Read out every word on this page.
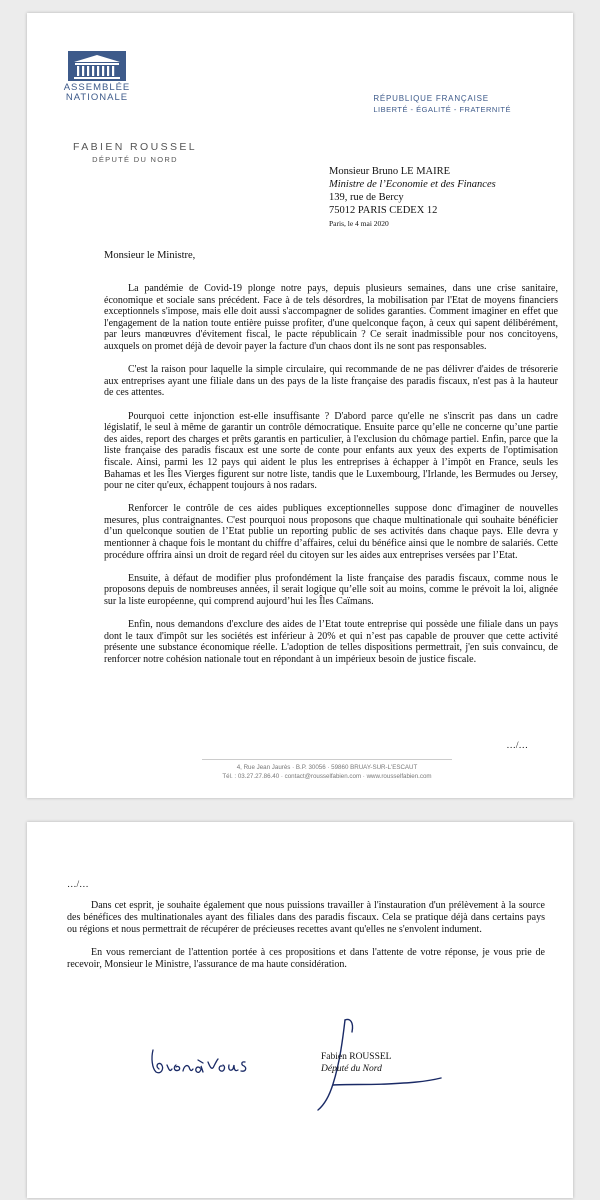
ASSEMBLÉE
NATIONALE	RÉPUBLIQUE FRANÇAISE
LIBERTÉ - ÉGALITÉ - FRATERNITÉ
FABIEN ROUSSEL
DÉPUTÉ DU NORD
Monsieur Bruno LE MAIRE
Ministre de l’Economie et des Finances
139, rue de Bercy
75012 PARIS CEDEX 12
Paris, le 4 mai 2020
Monsieur le Ministre,

La pandémie de Covid-19 plonge notre pays, depuis plusieurs semaines, dans une crise sanitaire, économique et sociale sans précédent. Face à de tels désordres, la mobilisation par l'Etat de moyens financiers exceptionnels s'impose, mais elle doit aussi s'accompagner de solides garanties. Comment imaginer en effet que l'engagement de la nation toute entière puisse profiter, d'une quelconque façon, à ceux qui sapent délibérément, par leurs manœuvres d'évitement fiscal, le pacte républicain ? Ce serait inadmissible pour nos concitoyens, auxquels on promet déjà de devoir payer la facture d'un chaos dont ils ne sont pas responsables.

C'est la raison pour laquelle la simple circulaire, qui recommande de ne pas délivrer d'aides de trésorerie aux entreprises ayant une filiale dans un des pays de la liste française des paradis fiscaux, n'est pas à la hauteur de ces attentes.

Pourquoi cette injonction est-elle insuffisante ? D'abord parce qu'elle ne s'inscrit pas dans un cadre législatif, le seul à même de garantir un contrôle démocratique. Ensuite parce qu’elle ne concerne qu’une partie des aides, report des charges et prêts garantis en particulier, à l'exclusion du chômage partiel. Enfin, parce que la liste française des paradis fiscaux est une sorte de conte pour enfants aux yeux des experts de l'optimisation fiscale. Ainsi, parmi les 12 pays qui aident le plus les entreprises à échapper à l’impôt en France, seuls les Bahamas et les Îles Vierges figurent sur notre liste, tandis que le Luxembourg, l'Irlande, les Bermudes ou Jersey, pour ne citer qu'eux, échappent toujours à nos radars.

Renforcer le contrôle de ces aides publiques exceptionnelles suppose donc d'imaginer de nouvelles mesures, plus contraignantes. C'est pourquoi nous proposons que chaque multinationale qui souhaite bénéficier d’un quelconque soutien de l’Etat publie un reporting public de ses activités dans chaque pays. Elle devra y mentionner à chaque fois le montant du chiffre d’affaires, celui du bénéfice ainsi que le nombre de salariés. Cette procédure offrira ainsi un droit de regard réel du citoyen sur les aides aux entreprises versées par l’Etat.

Ensuite, à défaut de modifier plus profondément la liste française des paradis fiscaux, comme nous le proposons depuis de nombreuses années, il serait logique qu’elle soit au moins, comme le prévoit la loi, alignée sur la liste européenne, qui comprend aujourd’hui les Îles Caïmans.

Enfin, nous demandons d'exclure des aides de l’Etat toute entreprise qui possède une filiale dans un pays dont le taux d'impôt sur les sociétés est inférieur à 20% et qui n’est pas capable de prouver que cette activité présente une substance économique réelle. L'adoption de telles dispositions permettrait, j'en suis convaincu, de renforcer notre cohésion nationale tout en répondant à un impérieux besoin de justice fiscale.

…/…
4, Rue Jean Jaurès · B.P. 30056 · 59860 BRUAY-SUR-L'ESCAUT
Tél. : 03.27.27.86.40 · contact@rousselfabien.com · www.rousselfabien.com
…/…

Dans cet esprit, je souhaite également que nous puissions travailler à l'instauration d'un prélèvement à la source des bénéfices des multinationales ayant des filiales dans des paradis fiscaux. Cela se pratique déjà dans certains pays ou régions et nous permettrait de récupérer de précieuses recettes avant qu'elles ne s'envolent indument.

En vous remerciant de l'attention portée à ces propositions et dans l'attente de votre réponse, je vous prie de recevoir, Monsieur le Ministre, l'assurance de ma haute considération.

Fabien ROUSSEL
Député du Nord
